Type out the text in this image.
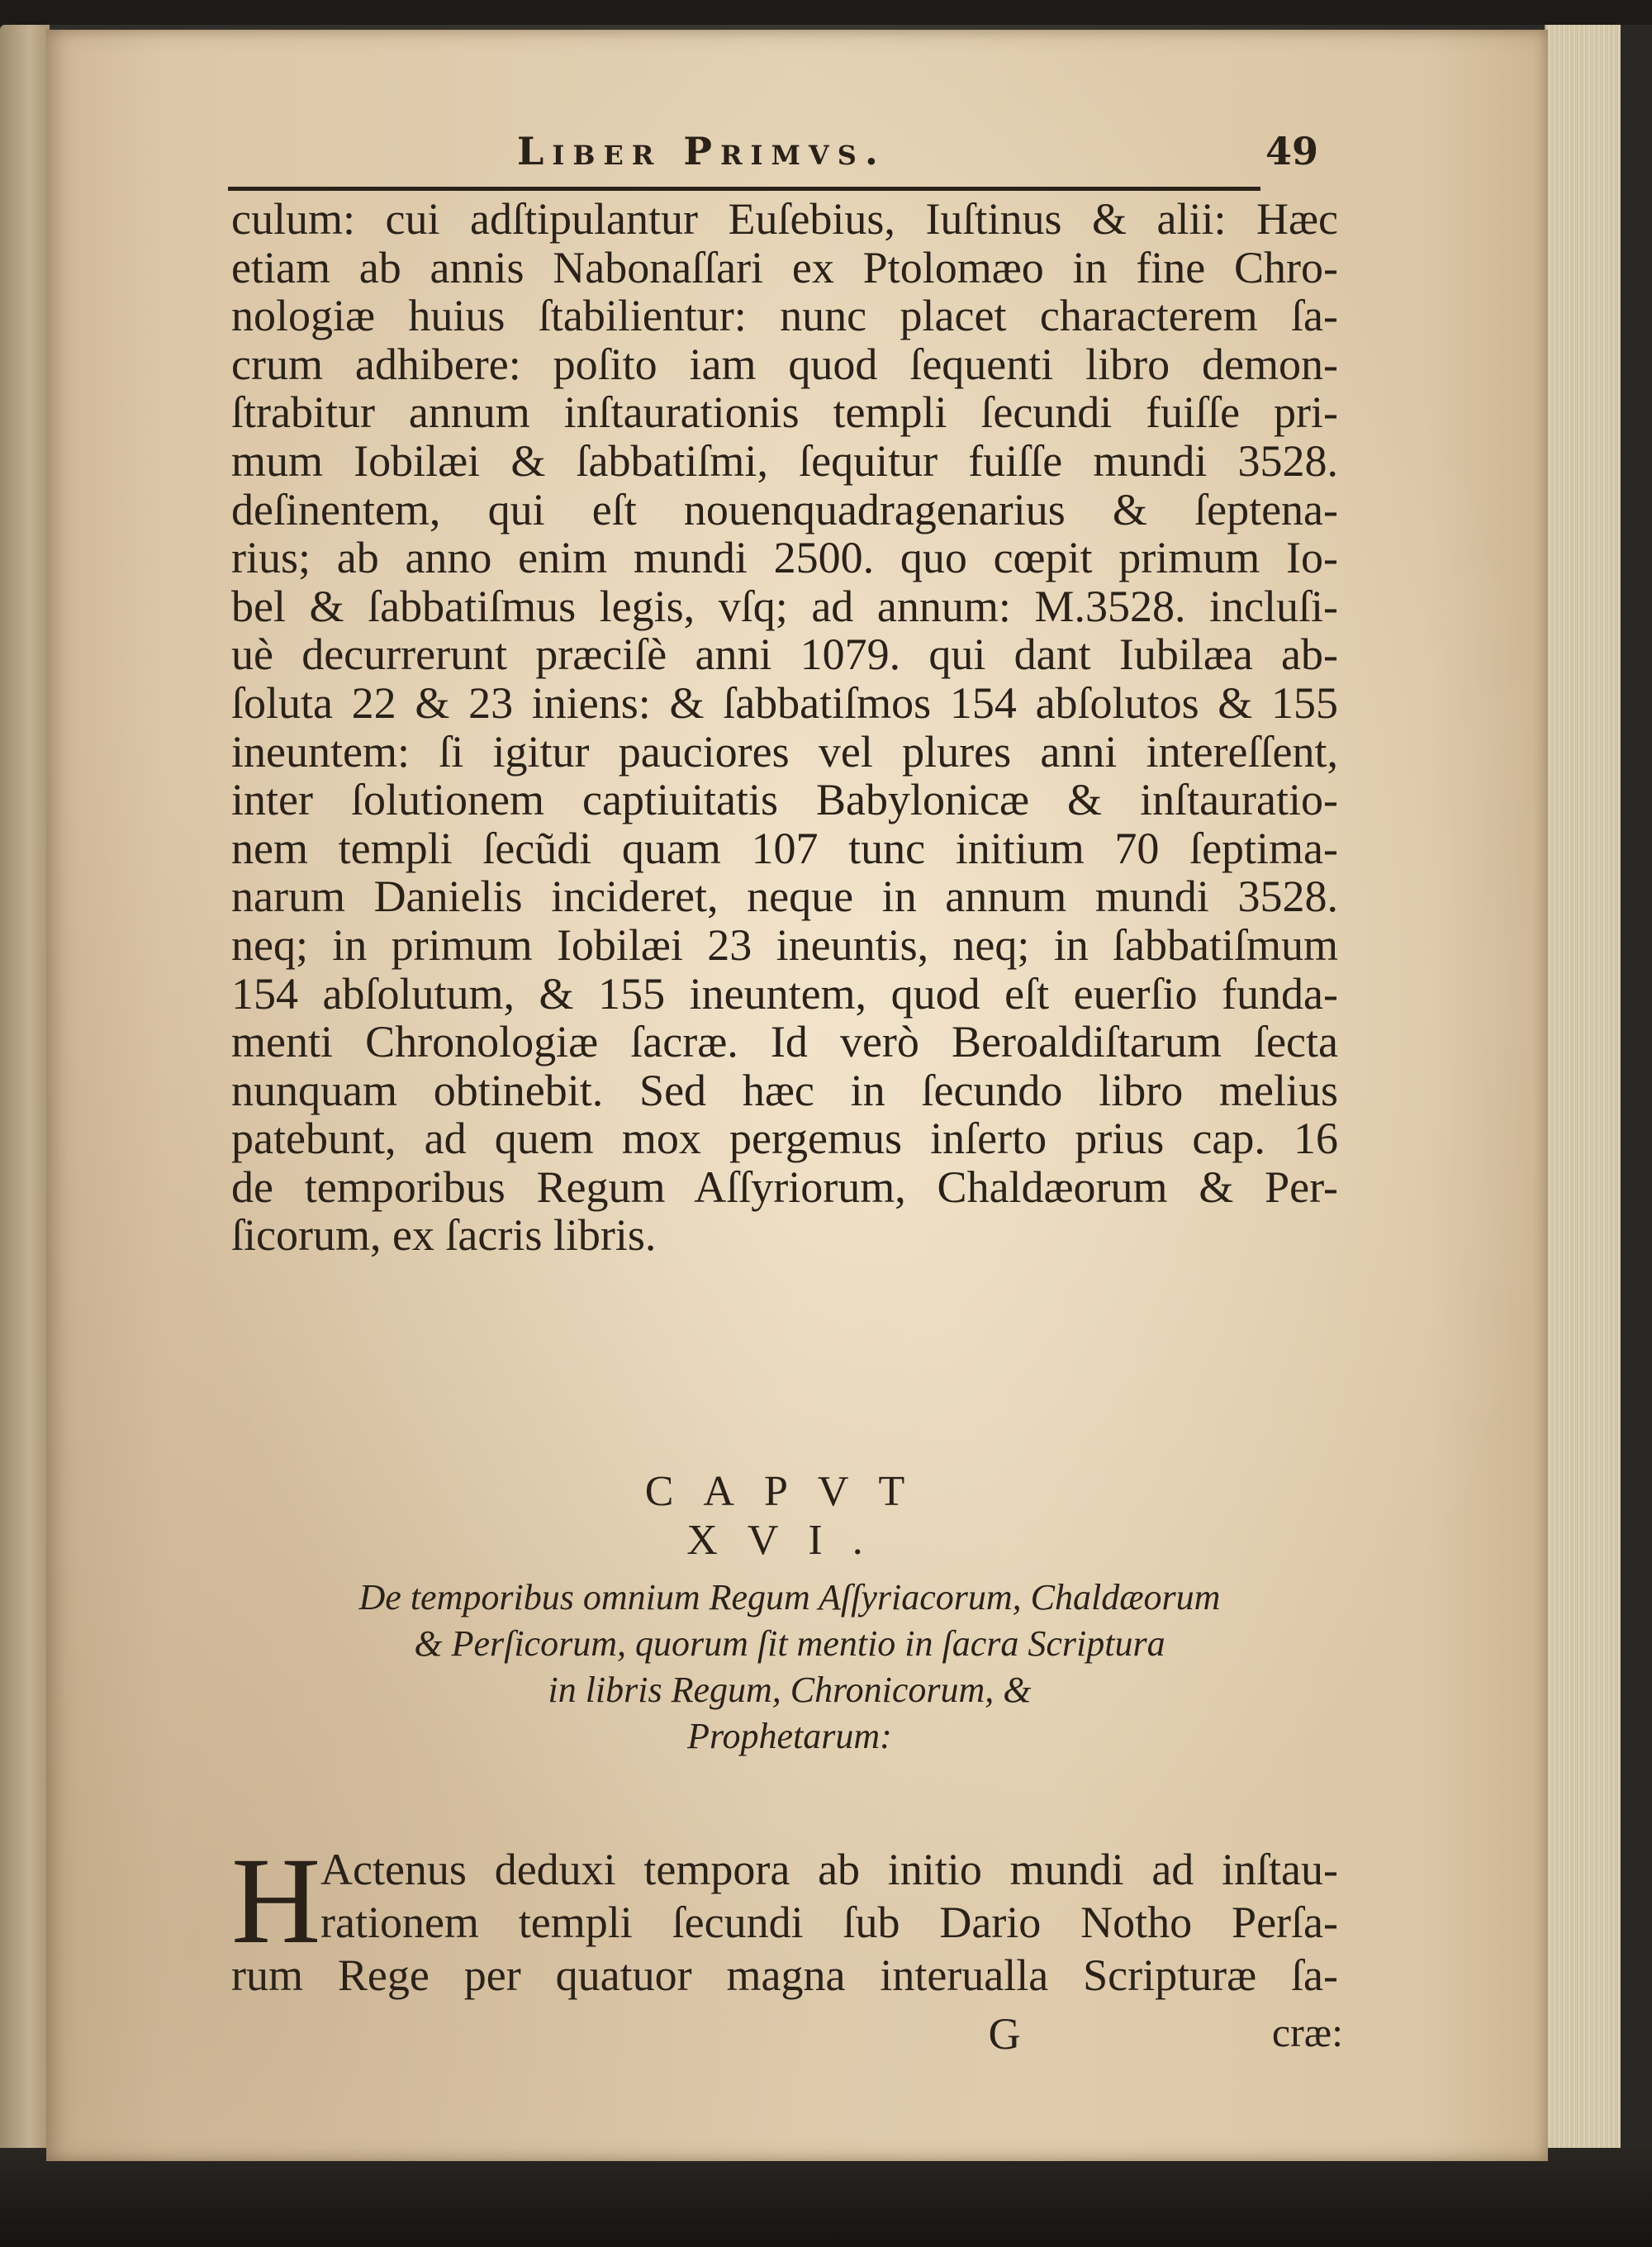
Liber Primvs.	49
culum: cui adſtipulantur Euſebius, Iuſtinus & alii: Hæc
etiam ab annis Nabonaſſari ex Ptolomæo in fine Chro-
nologiæ huius ſtabilientur: nunc placet characterem ſa-
crum adhibere: poſito iam quod ſequenti libro demon-
ſtrabitur annum inſtaurationis templi ſecundi fuiſſe pri-
mum Iobilæi & ſabbatiſmi, ſequitur fuiſſe mundi 3528.
deſinentem, qui eſt nouenquadragenarius & ſeptena-
rius; ab anno enim mundi 2500. quo cœpit primum Io-
bel & ſabbatiſmus legis, vſq; ad annum: M.3528. incluſi-
uè decurrerunt præciſè anni 1079. qui dant Iubilæa ab-
ſoluta 22 & 23 iniens: & ſabbatiſmos 154 abſolutos & 155
ineuntem: ſi igitur pauciores vel plures anni intereſſent,
inter ſolutionem captiuitatis Babylonicæ & inſtauratio-
nem templi ſecũdi quam 107 tunc initium 70 ſeptima-
narum Danielis incideret, neque in annum mundi 3528.
neq; in primum Iobilæi 23 ineuntis, neq; in ſabbatiſmum
154 abſolutum, & 155 ineuntem, quod eſt euerſio funda-
menti Chronologiæ ſacræ. Id verò Beroaldiſtarum ſecta
nunquam obtinebit. Sed hæc in ſecundo libro melius
patebunt, ad quem mox pergemus inſerto prius cap. 16
de temporibus Regum Aſſyriorum, Chaldæorum & Per-
ſicorum, ex ſacris libris.
CAPVT XVI.
De temporibus omnium Regum Aſſyriacorum, Chaldæorum
& Perſicorum, quorum ſit mentio in ſacra Scriptura
in libris Regum, Chronicorum, &
Prophetarum:
H Actenus deduxi tempora ab initio mundi ad inſtau-
rationem templi ſecundi ſub Dario Notho Perſa-
rum Rege per quatuor magna interualla Scripturæ ſa-
G	cræ:
